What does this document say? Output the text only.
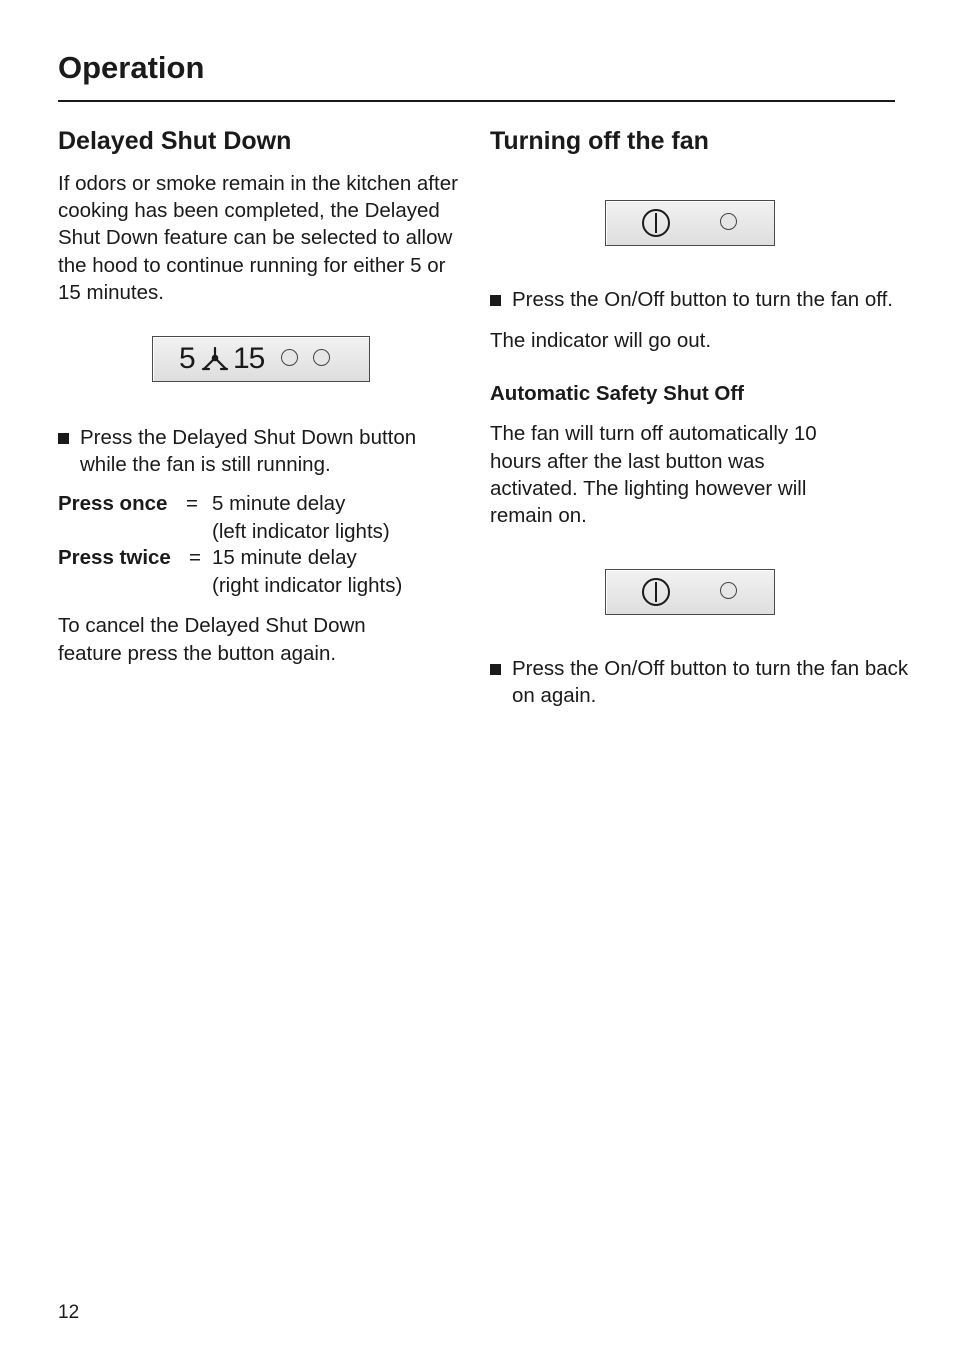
Operation
Delayed Shut Down

If odors or smoke remain in the kitchen after cooking has been completed, the Delayed Shut Down feature can be selected to allow the hood to continue running for either 5 or 15 minutes.

5 15
Press the Delayed Shut Down button while the fan is still running.
Press once = 5 minute delay
(left indicator lights)
Press twice = 15 minute delay
(right indicator lights)

To cancel the Delayed Shut Down feature press the button again.

Turning off the fan
Press the On/Off button to turn the fan off.

The indicator will go out.

Automatic Safety Shut Off

The fan will turn off automatically 10 hours after the last button was activated. The lighting however will remain on.

Press the On/Off button to turn the fan back on again.
12
